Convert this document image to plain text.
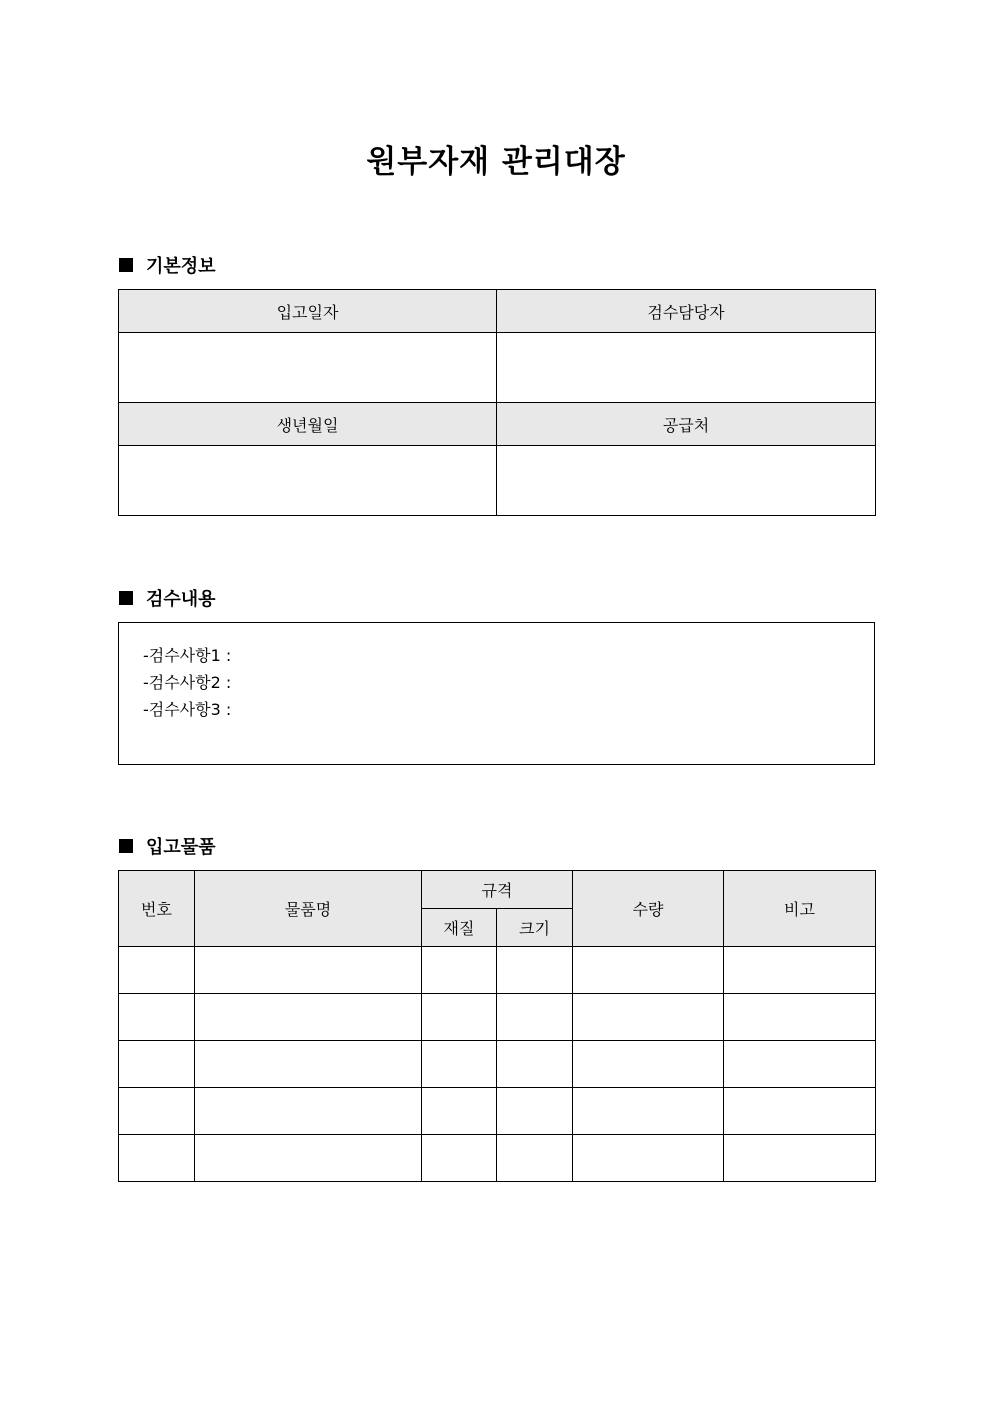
원부자재 관리대장
기본정보
입고일자	검수담당자

생년월일	공급처

검수내용
-검수사항1 :
-검수사항2 :
-검수사항3 :
입고물품
번호	물품명	규격		수량	비고
		재질	크기		
